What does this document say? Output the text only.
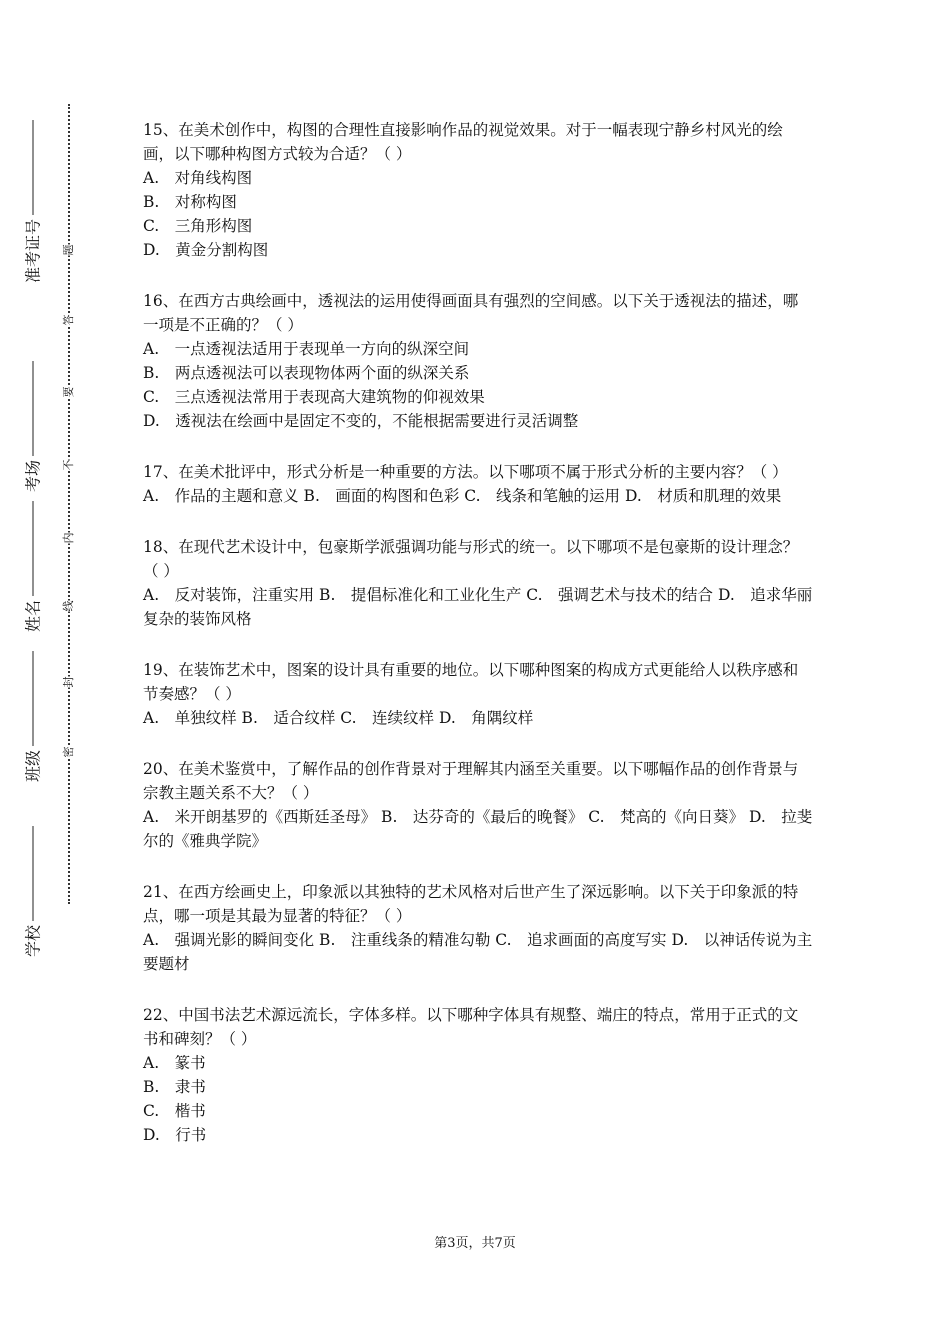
学校
班级
姓名
考场
准考证号
密
封
线
内
不
要
答
题

15、在美术创作中，构图的合理性直接影响作品的视觉效果。对于一幅表现宁静乡村风光的绘画，以下哪种构图方式较为合适？（ ）

A.　对角线构图

B.　对称构图

C.　三角形构图

D.　黄金分割构图

16、在西方古典绘画中，透视法的运用使得画面具有强烈的空间感。以下关于透视法的描述，哪一项是不正确的？（ ）

A.　一点透视法适用于表现单一方向的纵深空间

B.　两点透视法可以表现物体两个面的纵深关系

C.　三点透视法常用于表现高大建筑物的仰视效果

D.　透视法在绘画中是固定不变的，不能根据需要进行灵活调整

17、在美术批评中，形式分析是一种重要的方法。以下哪项不属于形式分析的主要内容？（ ）

A.　作品的主题和意义 B.　画面的构图和色彩 C.　线条和笔触的运用 D.　材质和肌理的效果

18、在现代艺术设计中，包豪斯学派强调功能与形式的统一。以下哪项不是包豪斯的设计理念？（ ）

A.　反对装饰，注重实用 B.　提倡标准化和工业化生产 C.　强调艺术与技术的结合 D.　追求华丽复杂的装饰风格

19、在装饰艺术中，图案的设计具有重要的地位。以下哪种图案的构成方式更能给人以秩序感和节奏感？（ ）

A.　单独纹样 B.　适合纹样 C.　连续纹样 D.　角隅纹样

20、在美术鉴赏中，了解作品的创作背景对于理解其内涵至关重要。以下哪幅作品的创作背景与宗教主题关系不大？（ ）

A.　米开朗基罗的《西斯廷圣母》 B.　达芬奇的《最后的晚餐》 C.　梵高的《向日葵》 D.　拉斐尔的《雅典学院》

21、在西方绘画史上，印象派以其独特的艺术风格对后世产生了深远影响。以下关于印象派的特点，哪一项是其最为显著的特征？（ ）

A.　强调光影的瞬间变化 B.　注重线条的精准勾勒 C.　追求画面的高度写实 D.　以神话传说为主要题材

22、中国书法艺术源远流长，字体多样。以下哪种字体具有规整、端庄的特点，常用于正式的文书和碑刻？（ ）

A.　篆书

B.　隶书

C.　楷书

D.　行书

第3页，共7页
